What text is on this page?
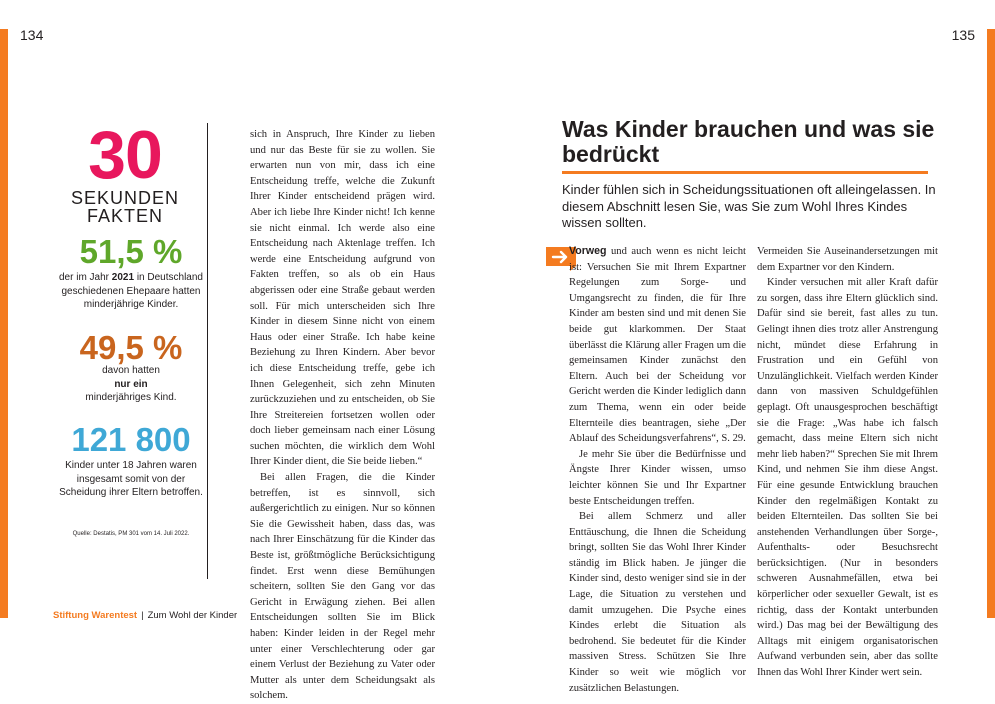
134	135
30
SEKUNDEN
FAKTEN
51,5 %
der im Jahr 2021 in Deutschland geschiedenen Ehepaare hatten minderjährige Kinder.
49,5 %
davon hatten
nur ein
minderjähriges Kind.
121 800
Kinder unter 18 Jahren waren insgesamt somit von der Scheidung ihrer Eltern betroffen.
Quelle: Destatis, PM 301 vom 14. Juli 2022.

sich in Anspruch, Ihre Kinder zu lieben und nur das Beste für sie zu wollen. Sie erwarten nun von mir, dass ich eine Entscheidung treffe, welche die Zukunft Ihrer Kinder entscheidend prägen wird. Aber ich liebe Ihre Kinder nicht! Ich kenne sie nicht einmal. Ich werde also eine Entscheidung nach Aktenlage treffen. Ich werde eine Entscheidung aufgrund von Fakten treffen, so als ob ein Haus abgerissen oder eine Straße gebaut werden soll. Für mich unterscheiden sich Ihre Kinder in diesem Sinne nicht von einem Haus oder einer Straße. Ich habe keine Beziehung zu Ihren Kindern. Aber bevor ich diese Entscheidung treffe, gebe ich Ihnen Gelegenheit, sich zehn Minuten zurückzuziehen und zu entscheiden, ob Sie Ihre Streitereien fortsetzen wollen oder doch lieber gemeinsam nach einer Lösung suchen möchten, die wirklich dem Wohl Ihrer Kinder dient, die Sie beide lieben.“

Bei allen Fragen, die die Kinder betreffen, ist es sinnvoll, sich außergerichtlich zu einigen. Nur so können Sie die Gewissheit haben, dass das, was nach Ihrer Einschätzung für die Kinder das Beste ist, größtmögliche Berücksichtigung findet. Erst wenn diese Bemühungen scheitern, sollten Sie den Gang vor das Gericht in Erwägung ziehen. Bei allen Entscheidungen sollten Sie im Blick haben: Kinder leiden in der Regel mehr unter einer Verschlechterung oder gar einem Verlust der Beziehung zu Vater oder Mutter als unter dem Scheidungsakt als solchem.

Was Kinder brauchen und was sie bedrückt
Kinder fühlen sich in Scheidungssituationen oft alleingelassen. In diesem Abschnitt lesen Sie, was Sie zum Wohl Ihres Kindes wissen sollten.

Vorweg und auch wenn es nicht leicht ist: Versuchen Sie mit Ihrem Expartner Regelungen zum Sorge- und Umgangsrecht zu finden, die für Ihre Kinder am besten sind und mit denen Sie beide gut klarkommen. Der Staat überlässt die Klärung aller Fragen um die gemeinsamen Kinder zunächst den Eltern. Auch bei der Scheidung vor Gericht werden die Kinder lediglich dann zum Thema, wenn ein oder beide Elternteile dies beantragen, siehe „Der Ablauf des Scheidungsverfahrens“, S. 29.

Je mehr Sie über die Bedürfnisse und Ängste Ihrer Kinder wissen, umso leichter können Sie und Ihr Expartner beste Entscheidungen treffen.

Bei allem Schmerz und aller Enttäuschung, die Ihnen die Scheidung bringt, sollten Sie das Wohl Ihrer Kinder ständig im Blick haben. Je jünger die Kinder sind, desto weniger sind sie in der Lage, die Situation zu verstehen und damit umzugehen. Die Psyche eines Kindes erlebt die Situation als bedrohend. Sie bedeutet für die Kinder massiven Stress. Schützen Sie Ihre Kinder so weit wie möglich vor zusätzlichen Belastungen.

Vermeiden Sie Auseinandersetzungen mit dem Expartner vor den Kindern.

Kinder versuchen mit aller Kraft dafür zu sorgen, dass ihre Eltern glücklich sind. Dafür sind sie bereit, fast alles zu tun. Gelingt ihnen dies trotz aller Anstrengung nicht, mündet diese Erfahrung in Frustration und ein Gefühl von Unzulänglichkeit. Vielfach werden Kinder dann von massiven Schuldgefühlen geplagt. Oft unausgesprochen beschäftigt sie die Frage: „Was habe ich falsch gemacht, dass meine Eltern sich nicht mehr lieb haben?“ Sprechen Sie mit Ihrem Kind, und nehmen Sie ihm diese Angst. Für eine gesunde Entwicklung brauchen Kinder den regelmäßigen Kontakt zu beiden Elternteilen. Das sollten Sie bei anstehenden Verhandlungen über Sorge-, Aufenthalts- oder Besuchsrecht berücksichtigen. (Nur in besonders schweren Ausnahmefällen, etwa bei körperlicher oder sexueller Gewalt, ist es richtig, dass der Kontakt unterbunden wird.) Das mag bei der Bewältigung des Alltags mit einigem organisatorischen Aufwand verbunden sein, aber das sollte Ihnen das Wohl Ihrer Kinder wert sein.

Stiftung Warentest | Zum Wohl der Kinder
